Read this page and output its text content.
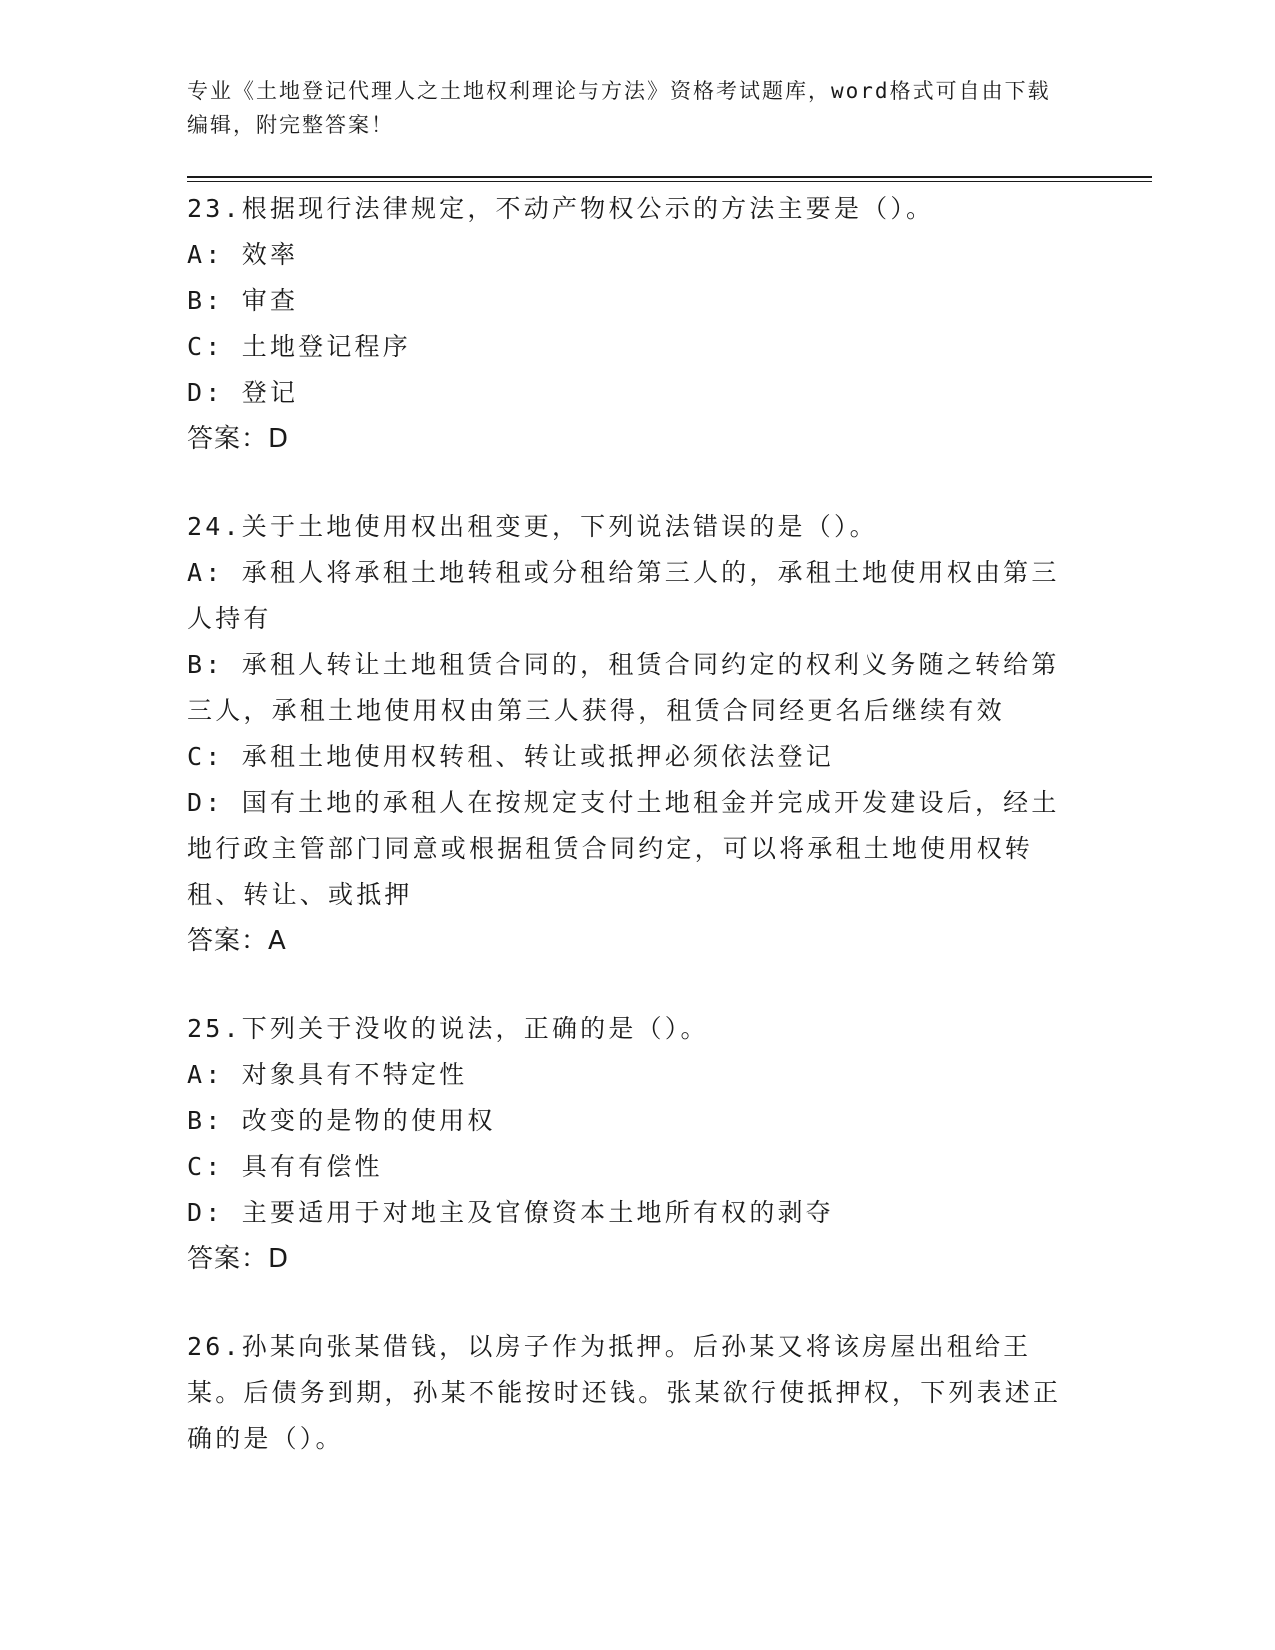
专业《土地登记代理人之土地权利理论与方法》资格考试题库，word格式可自由下载编辑，附完整答案！
23.根据现行法律规定，不动产物权公示的方法主要是（）。
A: 效率
B: 审查
C: 土地登记程序
D: 登记
答案：D
24.关于土地使用权出租变更，下列说法错误的是（）。
A: 承租人将承租土地转租或分租给第三人的，承租土地使用权由第三人持有
B: 承租人转让土地租赁合同的，租赁合同约定的权利义务随之转给第三人，承租土地使用权由第三人获得，租赁合同经更名后继续有效
C: 承租土地使用权转租、转让或抵押必须依法登记
D: 国有土地的承租人在按规定支付土地租金并完成开发建设后，经土地行政主管部门同意或根据租赁合同约定，可以将承租土地使用权转租、转让、或抵押
答案：A
25.下列关于没收的说法，正确的是（）。
A: 对象具有不特定性
B: 改变的是物的使用权
C: 具有有偿性
D: 主要适用于对地主及官僚资本土地所有权的剥夺
答案：D
26.孙某向张某借钱，以房子作为抵押。后孙某又将该房屋出租给王某。后债务到期，孙某不能按时还钱。张某欲行使抵押权，下列表述正确的是（）。
